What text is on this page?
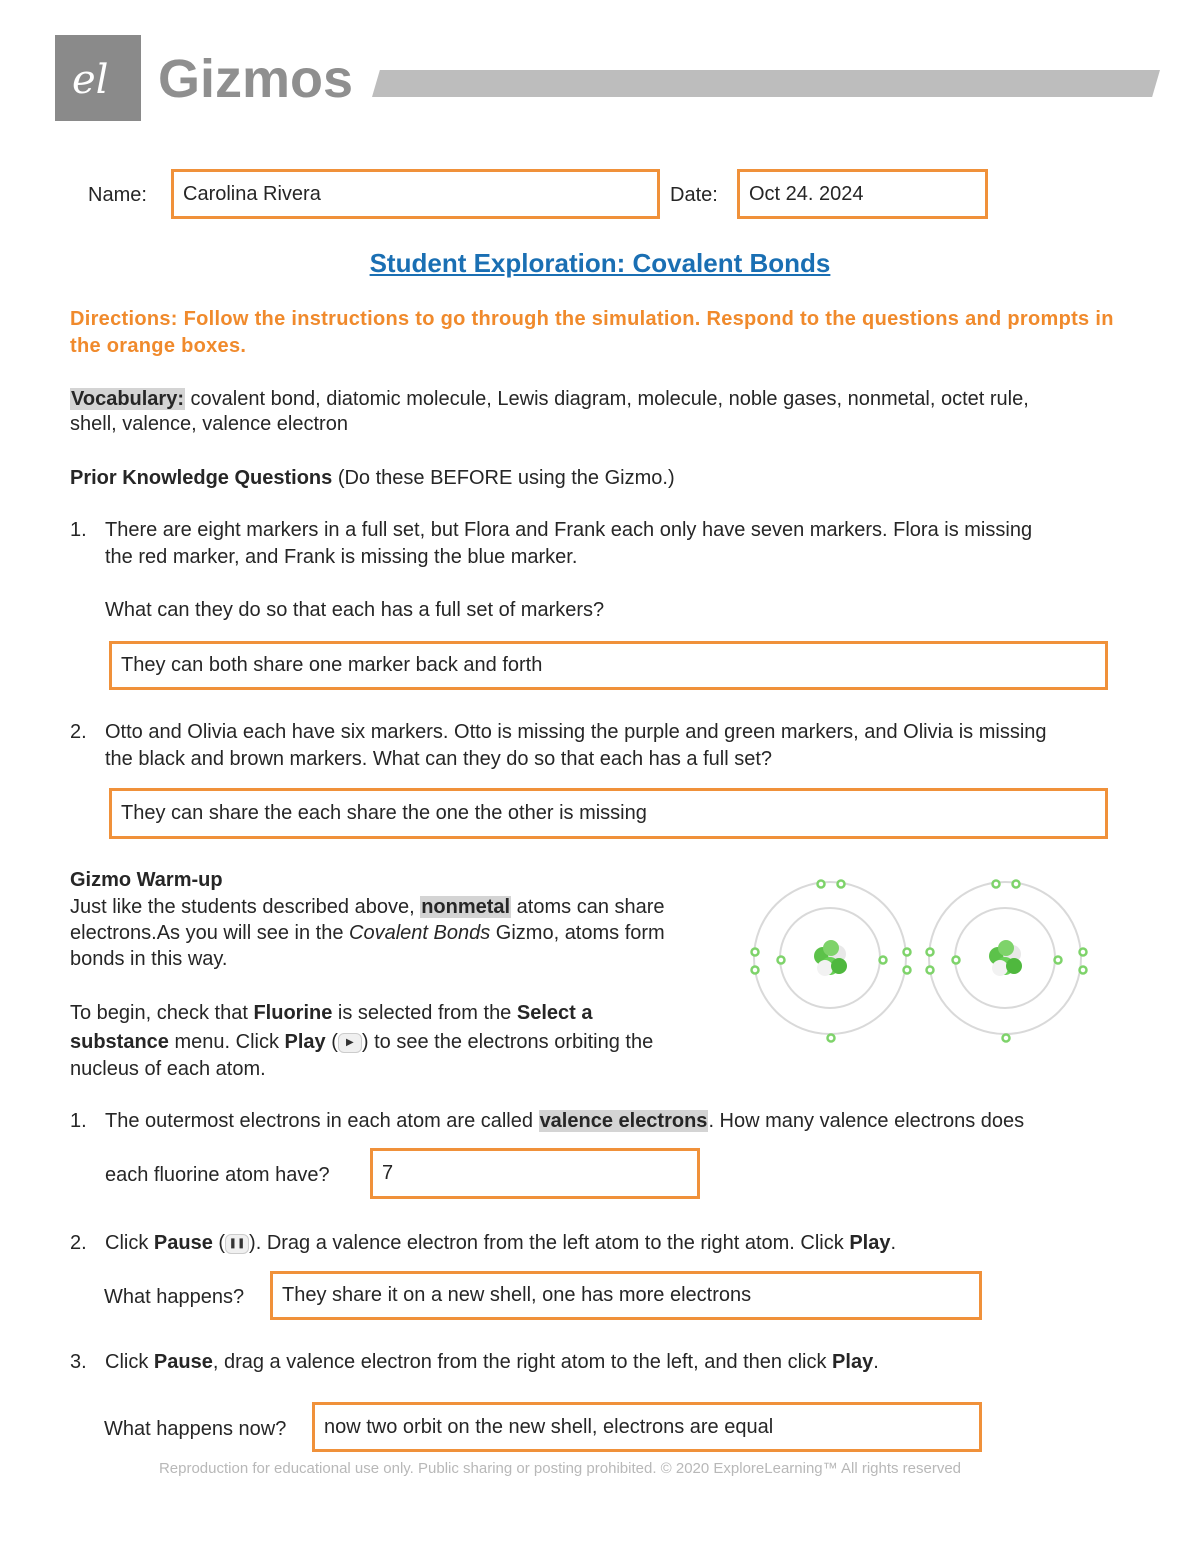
el Gizmos
Name: Carolina Rivera	Date: Oct 24. 2024
Student Exploration: Covalent Bonds
Directions: Follow the instructions to go through the simulation. Respond to the questions and prompts in the orange boxes.
Vocabulary: covalent bond, diatomic molecule, Lewis diagram, molecule, noble gases, nonmetal, octet rule,
shell, valence, valence electron
Prior Knowledge Questions (Do these BEFORE using the Gizmo.)
1. There are eight markers in a full set, but Flora and Frank each only have seven markers. Flora is missing
the red marker, and Frank is missing the blue marker.
What can they do so that each has a full set of markers?
They can both share one marker back and forth
2. Otto and Olivia each have six markers. Otto is missing the purple and green markers, and Olivia is missing
the black and brown markers. What can they do so that each has a full set?
They can share the each share the one the other is missing
Gizmo Warm-up
Just like the students described above, nonmetal atoms can share
electrons.As you will see in the Covalent Bonds Gizmo, atoms form
bonds in this way.
To begin, check that Fluorine is selected from the Select a
substance menu. Click Play ( ▶ ) to see the electrons orbiting the
nucleus of each atom.
1. The outermost electrons in each atom are called valence electrons. How many valence electrons does
each fluorine atom have?	7
2. Click Pause ( ❚❚ ). Drag a valence electron from the left atom to the right atom. Click Play.
What happens? They share it on a new shell, one has more electrons
3. Click Pause, drag a valence electron from the right atom to the left, and then click Play.
What happens now? now two orbit on the new shell, electrons are equal
Reproduction for educational use only. Public sharing or posting prohibited. © 2020 ExploreLearning™ All rights reserved
